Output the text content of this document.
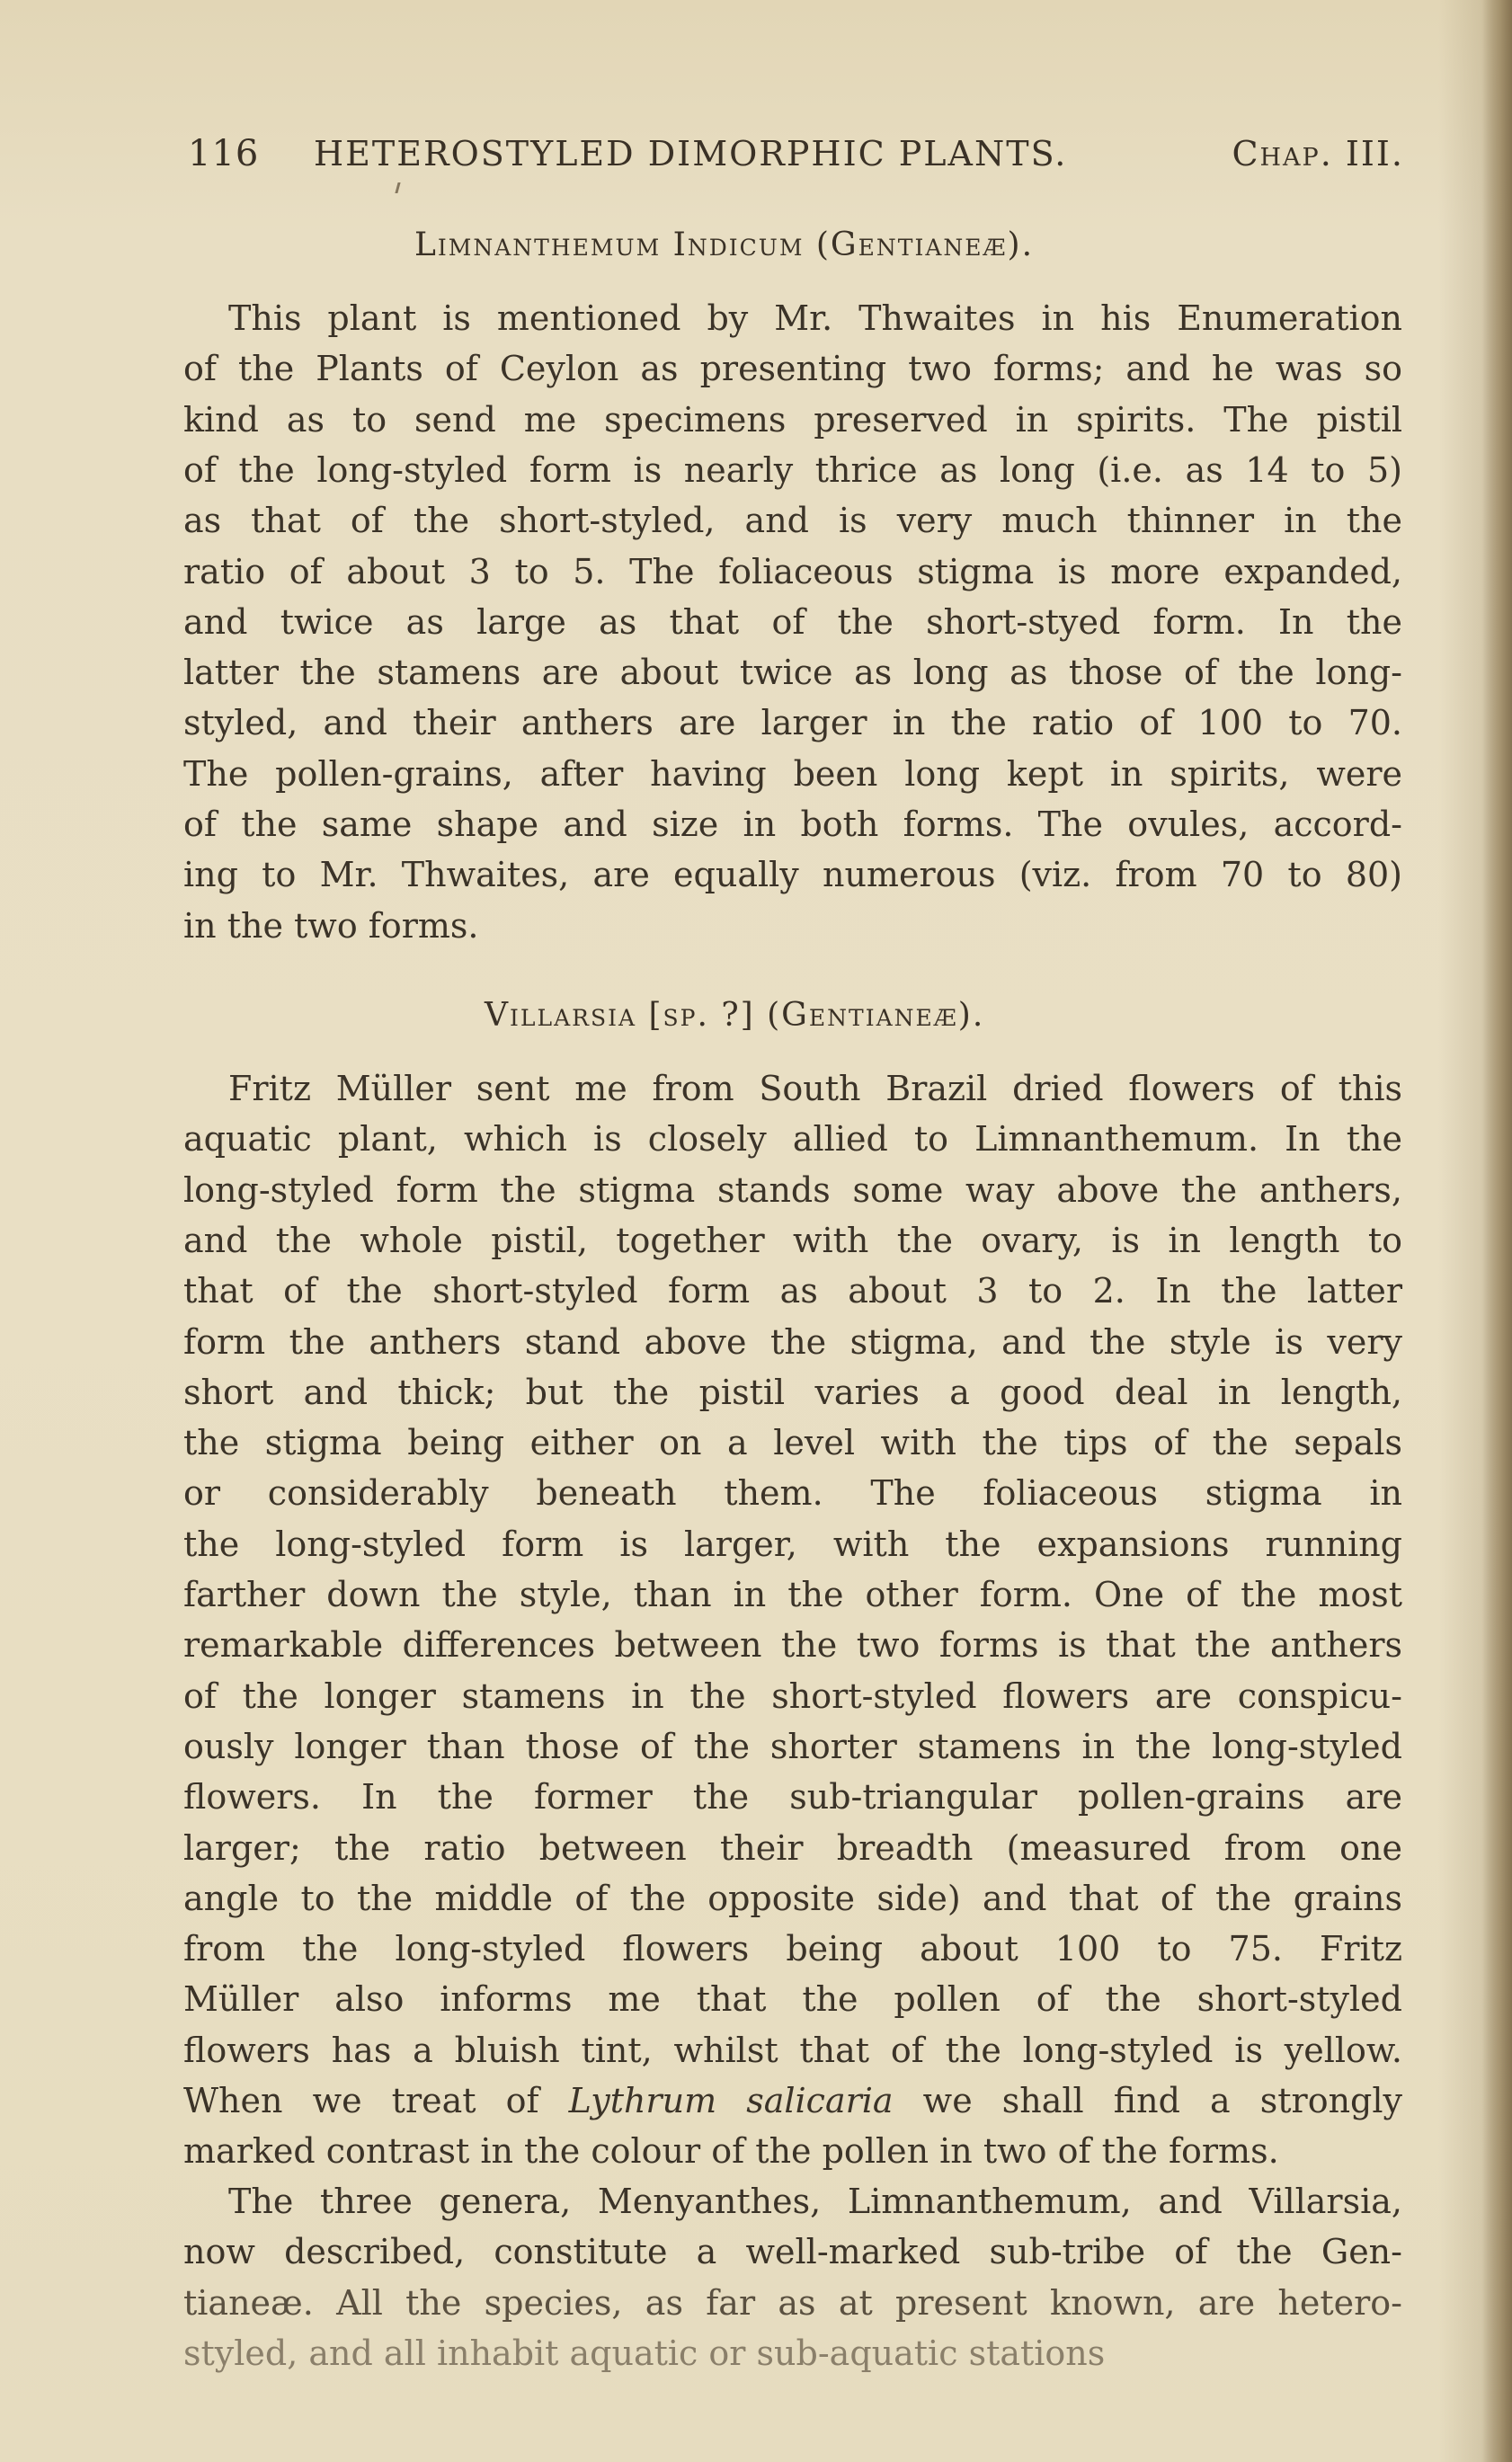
116	HETEROSTYLED DIMORPHIC PLANTS.	Chap. III.
Limnanthemum Indicum (Gentianeæ).
This plant is mentioned by Mr. Thwaites in his Enumeration
of the Plants of Ceylon as presenting two forms; and he was so
kind as to send me specimens preserved in spirits. The pistil
of the long-styled form is nearly thrice as long (i.e. as 14 to 5)
as that of the short-styled, and is very much thinner in the
ratio of about 3 to 5. The foliaceous stigma is more expanded,
and twice as large as that of the short-styed form. In the
latter the stamens are about twice as long as those of the long-
styled, and their anthers are larger in the ratio of 100 to 70.
The pollen-grains, after having been long kept in spirits, were
of the same shape and size in both forms. The ovules, accord-
ing to Mr. Thwaites, are equally numerous (viz. from 70 to 80)
in the two forms.
Villarsia [sp. ?] (Gentianeæ).
Fritz Müller sent me from South Brazil dried flowers of this
aquatic plant, which is closely allied to Limnanthemum. In the
long-styled form the stigma stands some way above the anthers,
and the whole pistil, together with the ovary, is in length to
that of the short-styled form as about 3 to 2. In the latter
form the anthers stand above the stigma, and the style is very
short and thick; but the pistil varies a good deal in length,
the stigma being either on a level with the tips of the sepals
or considerably beneath them. The foliaceous stigma in
the long-styled form is larger, with the expansions running
farther down the style, than in the other form. One of the most
remarkable differences between the two forms is that the anthers
of the longer stamens in the short-styled flowers are conspicu-
ously longer than those of the shorter stamens in the long-styled
flowers. In the former the sub-triangular pollen-grains are
larger; the ratio between their breadth (measured from one
angle to the middle of the opposite side) and that of the grains
from the long-styled flowers being about 100 to 75. Fritz
Müller also informs me that the pollen of the short-styled
flowers has a bluish tint, whilst that of the long-styled is yellow.
When we treat of Lythrum salicaria we shall find a strongly
marked contrast in the colour of the pollen in two of the forms.
The three genera, Menyanthes, Limnanthemum, and Villarsia,
now described, constitute a well-marked sub-tribe of the Gen-
tianeæ. All the species, as far as at present known, are hetero-
styled, and all inhabit aquatic or sub-aquatic stations
